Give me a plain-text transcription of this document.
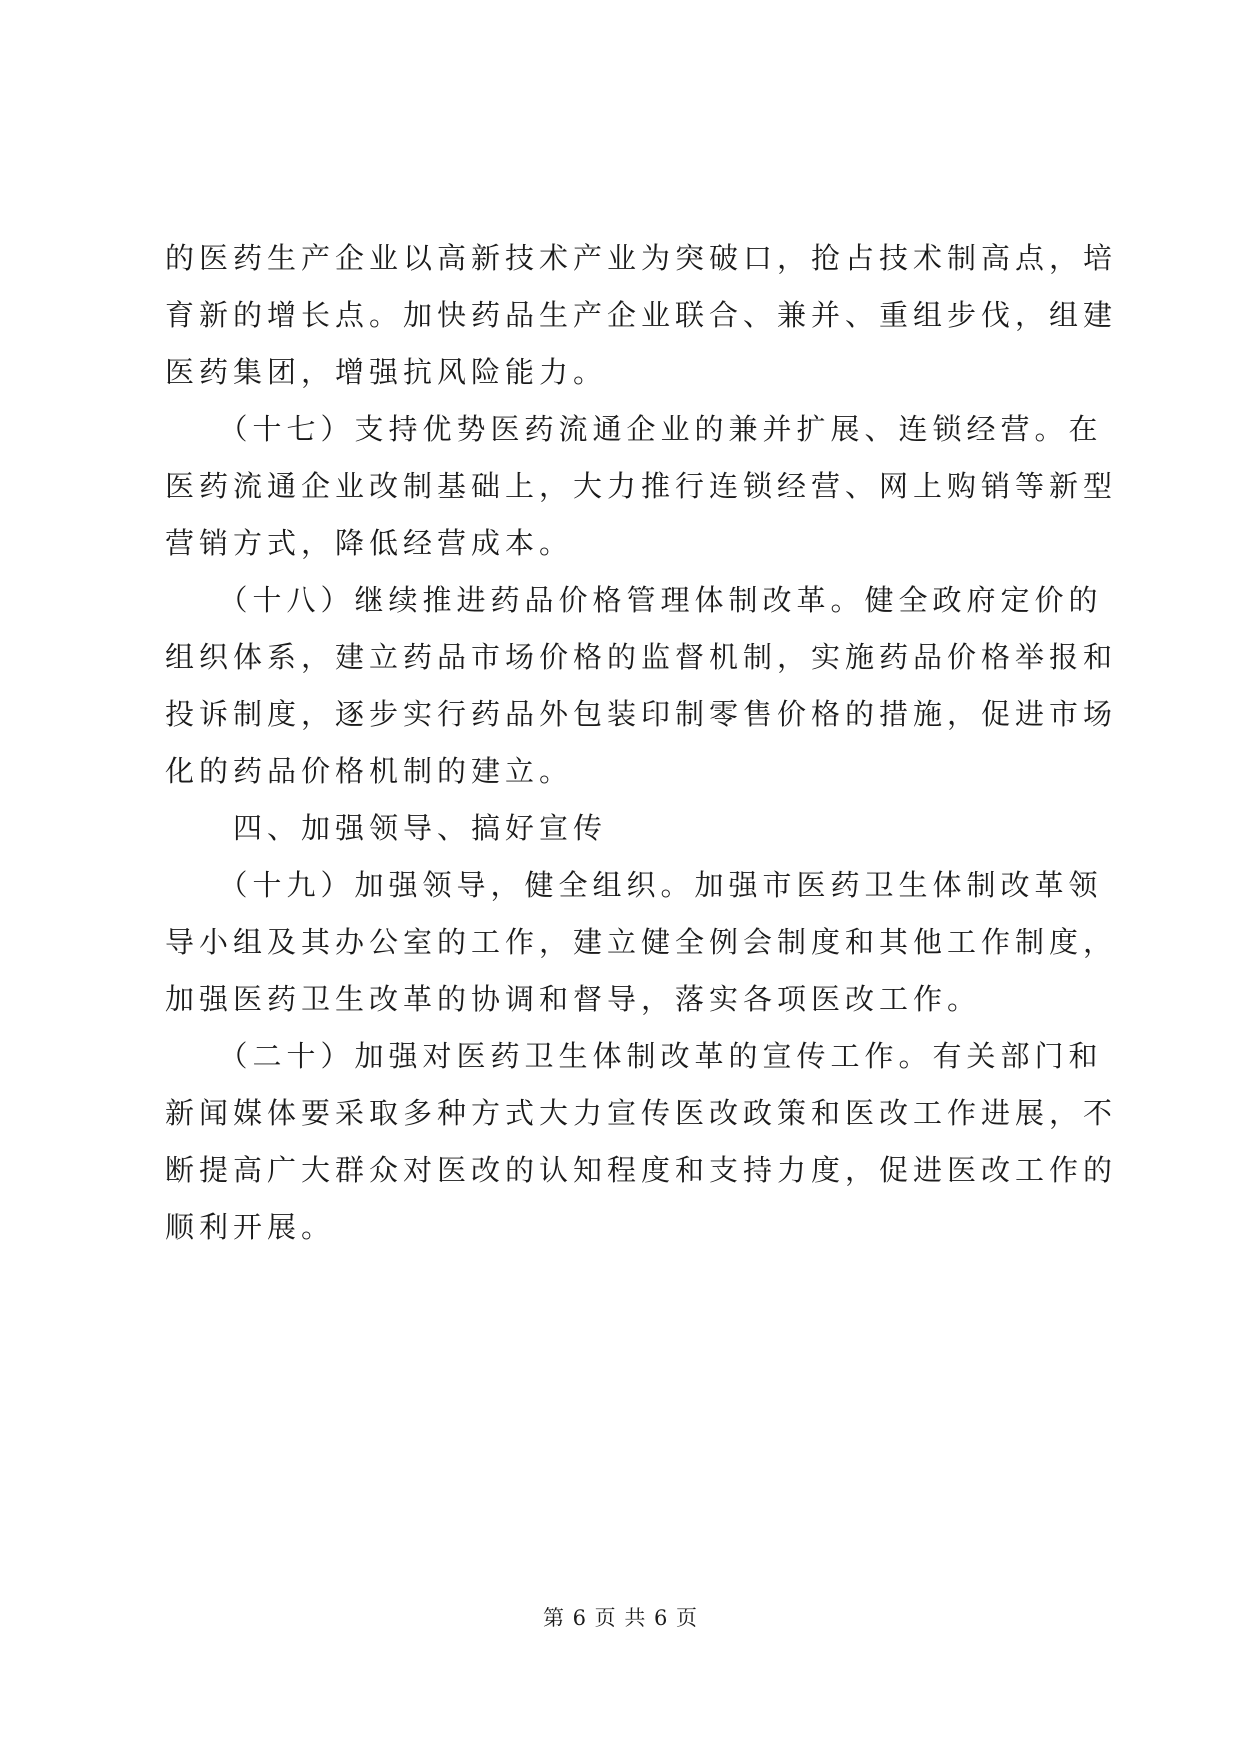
的医药生产企业以高新技术产业为突破口，抢占技术制高点，培
育新的增长点。加快药品生产企业联合、兼并、重组步伐，组建
医药集团，增强抗风险能力。
　　（十七）支持优势医药流通企业的兼并扩展、连锁经营。在
医药流通企业改制基础上，大力推行连锁经营、网上购销等新型
营销方式，降低经营成本。
　　（十八）继续推进药品价格管理体制改革。健全政府定价的
组织体系，建立药品市场价格的监督机制，实施药品价格举报和
投诉制度，逐步实行药品外包装印制零售价格的措施，促进市场
化的药品价格机制的建立。
　　四、加强领导、搞好宣传
　　（十九）加强领导，健全组织。加强市医药卫生体制改革领
导小组及其办公室的工作，建立健全例会制度和其他工作制度，
加强医药卫生改革的协调和督导，落实各项医改工作。
　　（二十）加强对医药卫生体制改革的宣传工作。有关部门和
新闻媒体要采取多种方式大力宣传医改政策和医改工作进展，不
断提高广大群众对医改的认知程度和支持力度，促进医改工作的
顺利开展。
第 6 页 共 6 页
